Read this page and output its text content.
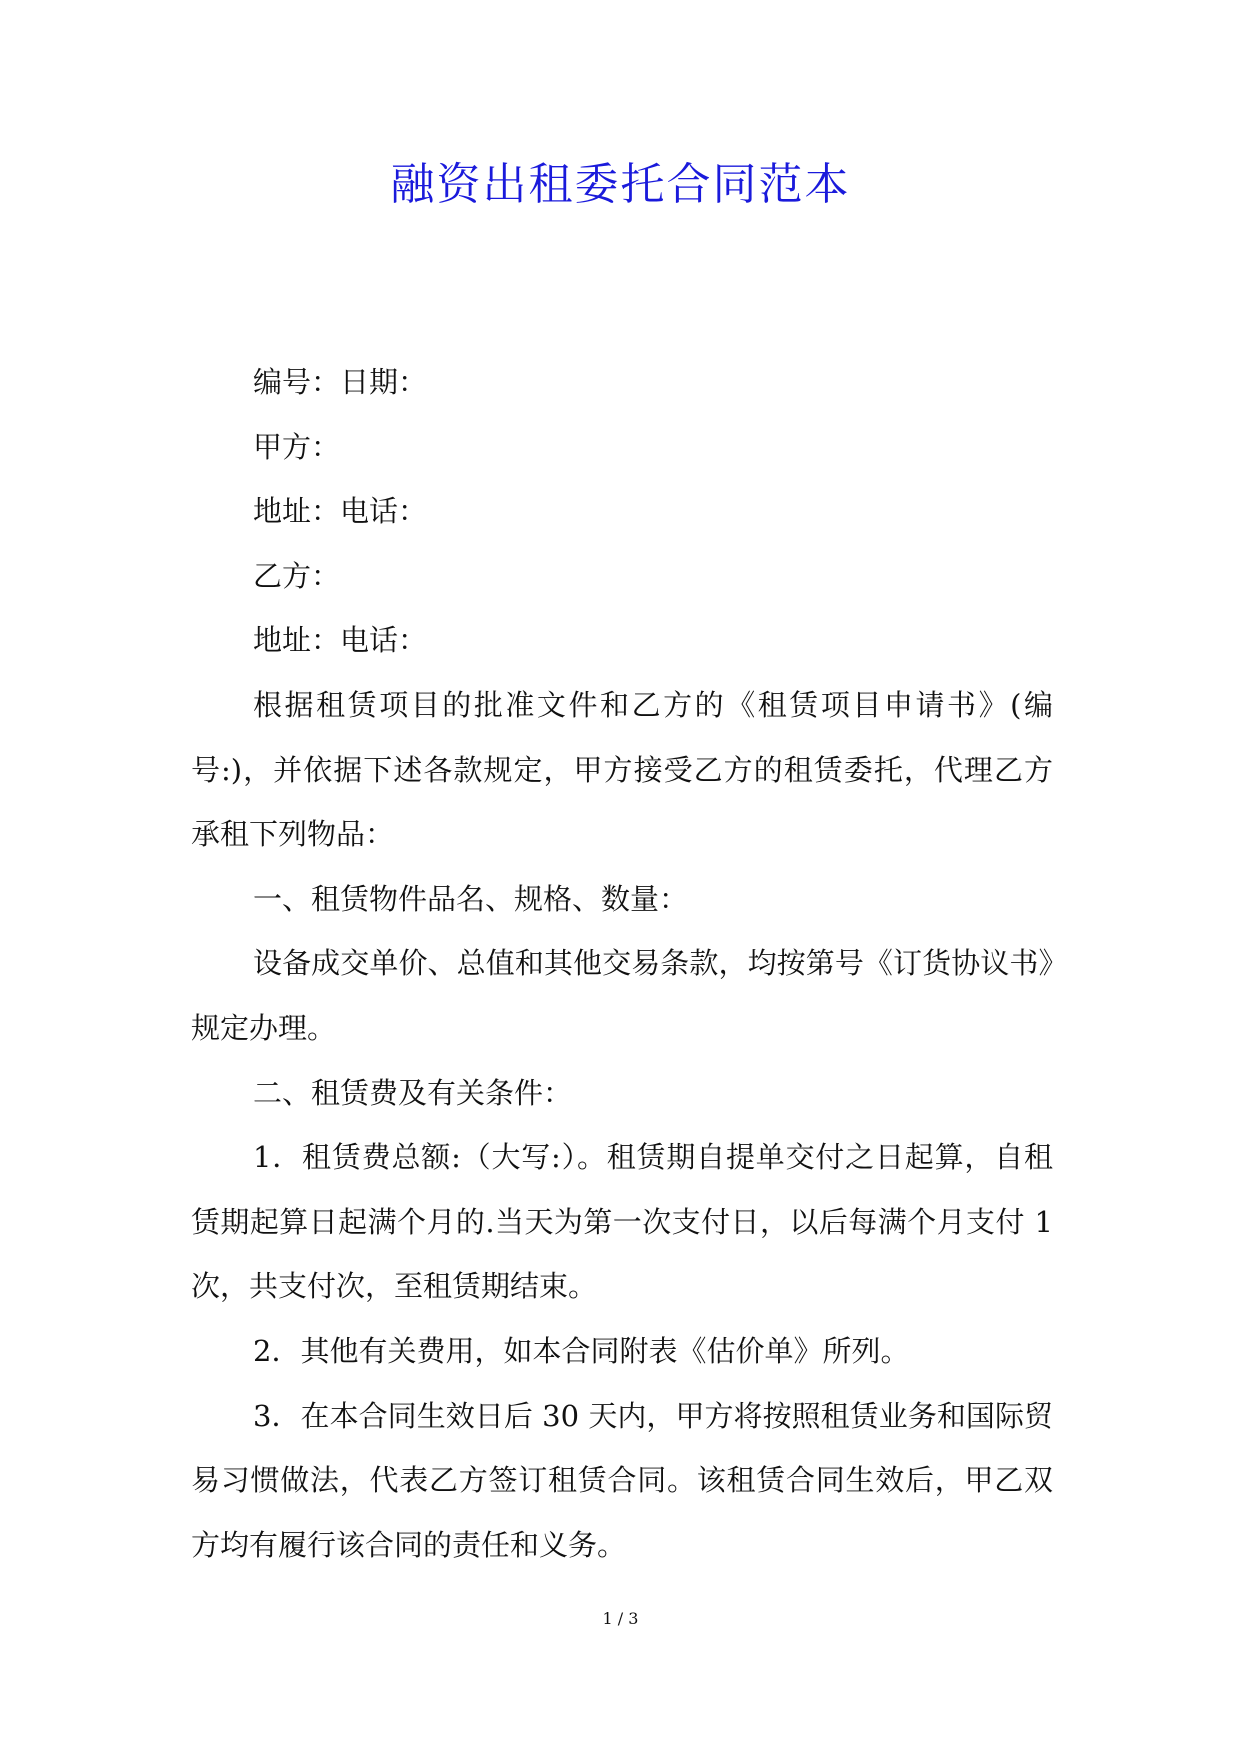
融资出租委托合同范本

编号：日期：

甲方：

地址：电话：

乙方：

地址：电话：

根据租赁项目的批准文件和乙方的《租赁项目申请书》(编号:)，并依据下述各款规定，甲方接受乙方的租赁委托，代理乙方承租下列物品：

一、租赁物件品名、规格、数量：

设备成交单价、总值和其他交易条款，均按第号《订货协议书》规定办理。

二、租赁费及有关条件：

1．租赁费总额:（大写:）。租赁期自提单交付之日起算，自租赁期起算日起满个月的.当天为第一次支付日，以后每满个月支付 1 次，共支付次，至租赁期结束。

2．其他有关费用，如本合同附表《估价单》所列。

3．在本合同生效日后 30 天内，甲方将按照租赁业务和国际贸易习惯做法，代表乙方签订租赁合同。该租赁合同生效后，甲乙双方均有履行该合同的责任和义务。

1 / 3
